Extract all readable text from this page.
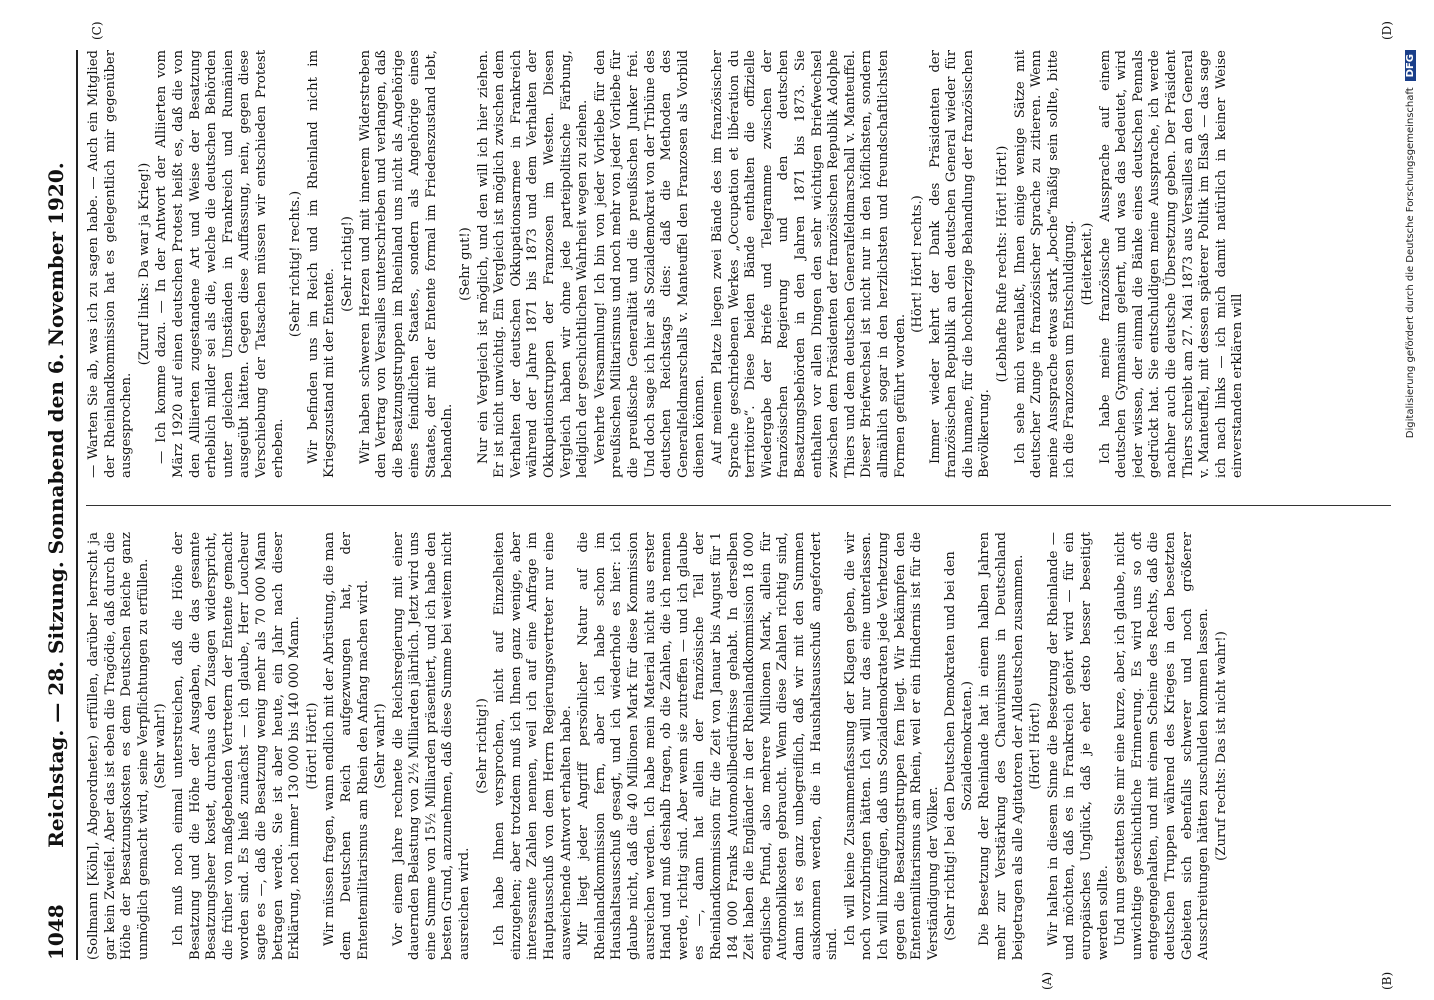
1048
Reichstag. — 28. Sitzung. Sonnabend den 6. November 1920.
(A)	(B)
(C)	(D)

(Sollmann [Köln], Abgeordneter.) erfüllen, darüber herrscht ja gar kein Zweifel. Aber das ist eben die Tragödie, daß durch die Höhe der Besatzungskosten es dem Deutschen Reiche ganz unmöglich gemacht wird, seine Verpflichtungen zu erfüllen. (Sehr wahr!) Ich muß noch einmal unterstreichen, daß die Höhe der Besatzung und die Höhe der Ausgaben, die das gesamte Besatzungsheer kostet, durchaus den Zusagen widerspricht, die früher von maßgebenden Vertretern der Entente gemacht worden sind. Es hieß zunächst — ich glaube, Herr Loucheur sagte es —, daß die Besatzung wenig mehr als 70 000 Mann betragen werde. Sie ist aber heute, ein Jahr nach dieser Erklärung, noch immer 130 000 bis 140 000 Mann. (Hört! Hört!) Wir müssen fragen, wann endlich mit der Abrüstung, die man dem Deutschen Reich aufgezwungen hat, der Ententemilitarismus am Rhein den Anfang machen wird. (Sehr wahr!) Vor einem Jahre rechnete die Reichsregierung mit einer dauernden Belastung von 2½ Milliarden jährlich. Jetzt wird uns eine Summe von 15½ Milliarden präsentiert, und ich habe den besten Grund, anzunehmen, daß diese Summe bei weitem nicht ausreichen wird.

(Sehr richtig!) Ich habe Ihnen versprochen, nicht auf Einzelheiten einzugehen; aber trotzdem muß ich Ihnen ganz wenige, aber interessante Zahlen nennen, weil ich auf eine Anfrage im Hauptausschuß von dem Herrn Regierungsvertreter nur eine ausweichende Antwort erhalten habe. Mir liegt jeder Angriff persönlicher Natur auf die Rheinlandkommission fern, aber ich habe schon im Haushaltsausschuß gesagt, und ich wiederhole es hier: ich glaube nicht, daß die 40 Millionen Mark für diese Kommission ausreichen werden. Ich habe mein Material nicht aus erster Hand und muß deshalb fragen, ob die Zahlen, die ich nennen werde, richtig sind. Aber wenn sie zutreffen — und ich glaube es —, dann hat allein der französische Teil der Rheinlandkommission für die Zeit von Januar bis August für 1 184 000 Franks Automobilbedürfnisse gehabt. In derselben Zeit haben die Engländer in der Rheinlandkommission 18 000 englische Pfund, also mehrere Millionen Mark, allein für Automobilkosten gebraucht. Wenn diese Zahlen richtig sind, dann ist es ganz unbegreiflich, daß wir mit den Summen auskommen werden, die in Haushaltsausschuß angefordert sind. Ich will keine Zusammenfassung der Klagen geben, die wir noch vorzubringen hätten. Ich will nur das eine unterlassen. Ich will hinzufügen, daß uns Sozialdemokraten jede Verhetzung gegen die Besatzungstruppen fern liegt. Wir bekämpfen den Ententemilitarismus am Rhein, weil er ein Hindernis ist für die Verständigung der Völker. (Sehr richtig! bei den Deutschen Demokraten und bei den Sozialdemokraten.) Die Besetzung der Rheinlande hat in einem halben Jahren mehr zur Verstärkung des Chauvinismus in Deutschland beigetragen als alle Agitatoren der Alldeutschen zusammen. (Hört! Hört!) Wir halten in diesem Sinne die Besetzung der Rheinlande — und möchten, daß es in Frankreich gehört wird — für ein europäisches Unglück, daß je eher desto besser beseitigt werden sollte. Und nun gestatten Sie mir eine kurze, aber, ich glaube, nicht unwichtige geschichtliche Erinnerung. Es wird uns so oft entgegengehalten, und mit einem Scheine des Rechts, daß die deutschen Truppen während des Krieges in den besetzten Gebieten sich ebenfalls schwerer und noch größerer Ausschreitungen hätten zuschulden kommen lassen. (Zuruf rechts: Das ist nicht wahr!)

— Warten Sie ab, was ich zu sagen habe. — Auch ein Mitglied der Rheinlandkommission hat es gelegentlich mir gegenüber ausgesprochen.

(Zuruf links: Da war ja Krieg!) — Ich komme dazu. — In der Antwort der Alliierten vom März 1920 auf einen deutschen Protest heißt es, daß die von den Alliierten zugestandene Art und Weise der Besatzung erheblich milder sei als die, welche die deutschen Behörden unter gleichen Umständen in Frankreich und Rumänien ausgeübt hätten. Gegen diese Auffassung, nein, gegen diese Verschiebung der Tatsachen müssen wir entschieden Protest erheben.

(Sehr richtig! rechts.) Wir befinden uns im Reich und im Rheinland nicht im Kriegszustand mit der Entente.

(Sehr richtig!) Wir haben schweren Herzen und mit innerem Widerstreben den Vertrag von Versailles unterschrieben und verlangen, daß die Besatzungstruppen im Rheinland uns nicht als Angehörige eines feindlichen Staates, sondern als Angehörige eines Staates, der mit der Entente formal im Friedenszustand lebt, behandeln.

(Sehr gut!) Nur ein Vergleich ist möglich, und den will ich hier ziehen. Er ist nicht unwichtig. Ein Vergleich ist möglich zwischen dem Verhalten der deutschen Okkupationsarmee in Frankreich während der Jahre 1871 bis 1873 und dem Verhalten der Okkupationstruppen der Franzosen im Westen. Diesen Vergleich haben wir ohne jede parteipolitische Färbung, lediglich der geschichtlichen Wahrheit wegen zu ziehen. Verehrte Versammlung! Ich bin von jeder Vorliebe für den preußischen Militarismus und noch mehr von jeder Vorliebe für die preußische Generalität und die preußischen Junker frei. Und doch sage ich hier als Sozialdemokrat von der Tribüne des deutschen Reichstags dies: daß die Methoden des Generalfeldmarschalls v. Manteuffel den Franzosen als Vorbild dienen können. Auf meinem Platze liegen zwei Bände des im französischer Sprache geschriebenen Werkes „Occupation et libération du territoire“. Diese beiden Bände enthalten die offizielle Wiedergabe der Briefe und Telegramme zwischen der französischen Regierung und den deutschen Besatzungsbehörden in den Jahren 1871 bis 1873. Sie enthalten vor allen Dingen den sehr wichtigen Briefwechsel zwischen dem Präsidenten der französischen Republik Adolphe Thiers und dem deutschen Generalfeldmarschall v. Manteuffel. Dieser Briefwechsel ist nicht nur in den höflichsten, sondern allmählich sogar in den herzlichsten und freundschaftlichsten Formen geführt worden.

(Hört! Hört! rechts.) Immer wieder kehrt der Dank des Präsidenten der französischen Republik an den deutschen General wieder für die humane, für die hochherzige Behandlung der französischen Bevölkerung.

(Lebhafte Rufe rechts: Hört! Hört!) Ich sehe mich veranlaßt, Ihnen einige wenige Sätze mit deutscher Zunge in französischer Sprache zu zitieren. Wenn meine Aussprache etwas stark „boche“mäßig sein sollte, bitte ich die Franzosen um Entschuldigung. (Heiterkeit.) Ich habe meine französische Aussprache auf einem deutschen Gymnasium gelernt, und was das bedeutet, wird jeder wissen, der einmal die Bänke eines deutschen Pennals gedrückt hat. Sie entschuldigen meine Aussprache, ich werde nachher auch die deutsche Übersetzung geben. Der Präsident Thiers schreibt am 27. Mai 1873 aus Versailles an den General v. Manteuffel, mit dessen späterer Politik im Elsaß — das sage ich nach links — ich mich damit natürlich in keiner Weise einverstanden erklären will	Digitalisierung gefördert durch die Deutsche ForschungsgemeinschaftDFG
